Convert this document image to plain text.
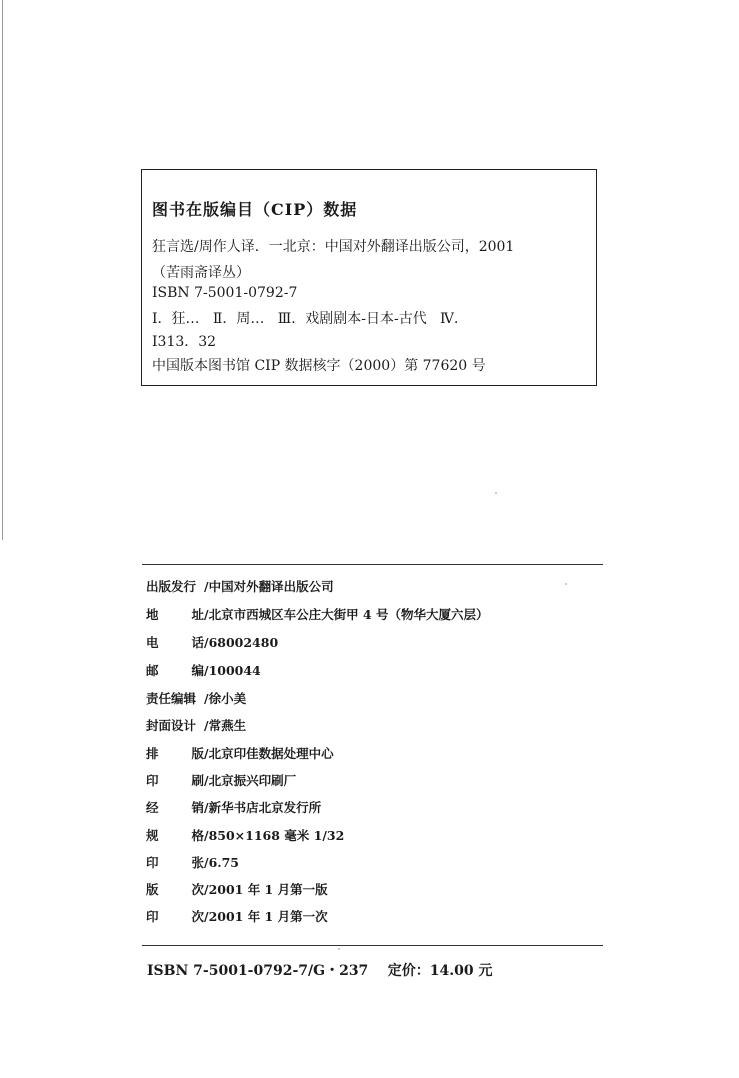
图书在版编目（CIP）数据
狂言选/周作人译．一北京：中国对外翻译出版公司，2001
（苦雨斋译丛）
ISBN 7-5001-0792-7
Ⅰ．狂…   Ⅱ．周…   Ⅲ．戏剧剧本-日本-古代   Ⅳ．
I313．32
中国版本图书馆 CIP 数据核字（2000）第 77620 号
出版发行 /中国对外翻译出版公司
地	址 /北京市西城区车公庄大街甲 4 号（物华大厦六层）
电	话 /68002480
邮	编 /100044
责任编辑 /徐小美
封面设计 /常燕生
排	版 /北京印佳数据处理中心
印	刷 /北京振兴印刷厂
经	销 /新华书店北京发行所
规	格 /850×1168 毫米 1/32
印	张 /6.75
版	次 /2001 年 1 月第一版
印	次 /2001 年 1 月第一次
ISBN 7-5001-0792-7/G・237    定价：14.00 元
